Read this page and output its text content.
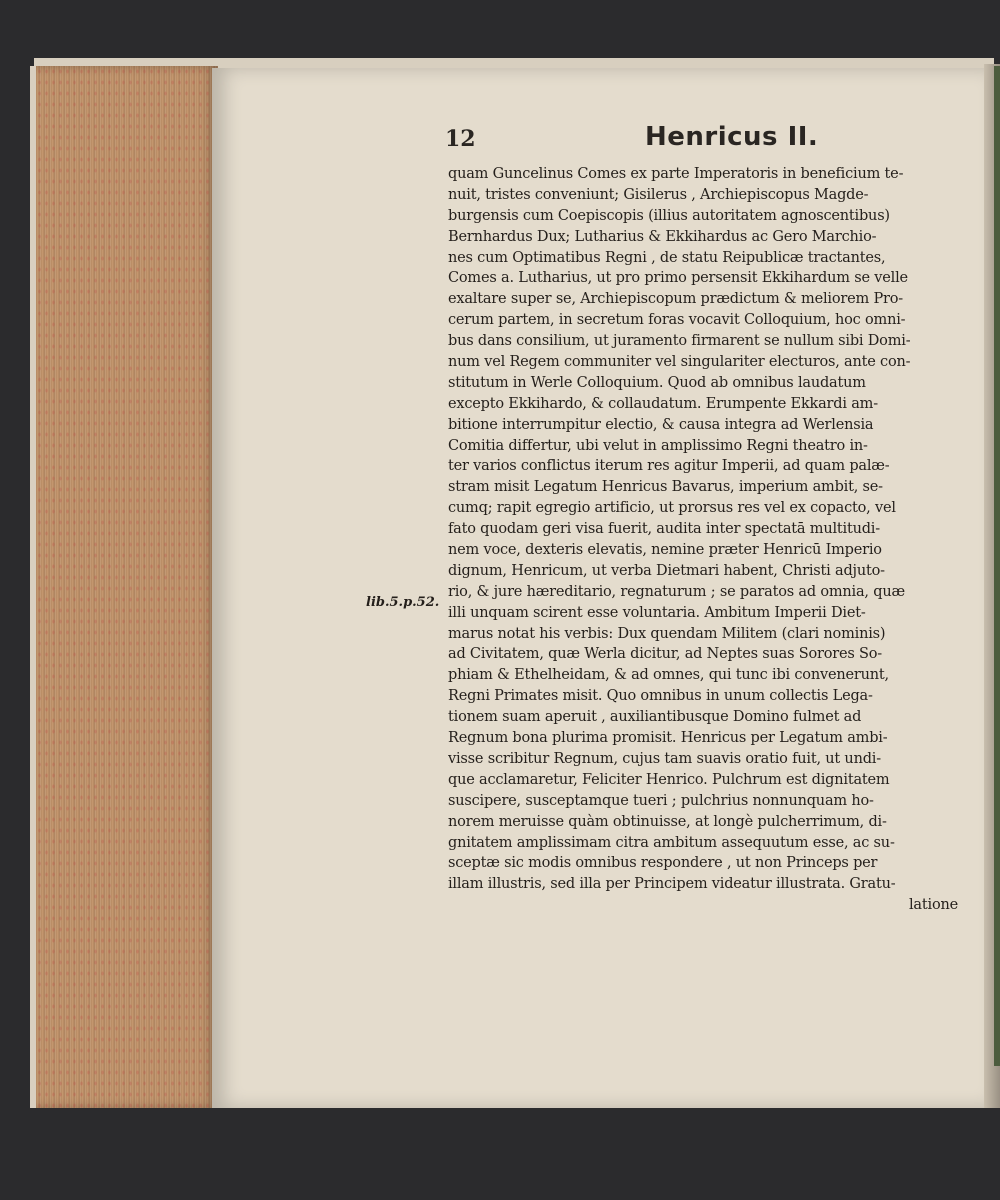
12	Henricus II.
lib.5.p.52.
quam Guncelinus Comes ex parte Imperatoris in beneficium te-
nuit, tristes conveniunt; Gisilerus , Archiepiscopus Magde-
burgensis cum Coepiscopis (illius autoritatem agnoscentibus)
Bernhardus Dux; Lutharius & Ekkihardus ac Gero Marchio-
nes cum Optimatibus Regni , de statu Reipublicæ tractantes,
Comes a. Lutharius, ut pro primo persensit Ekkihardum se velle
exaltare super se, Archiepiscopum prædictum & meliorem Pro-
cerum partem, in secretum foras vocavit Colloquium, hoc omni-
bus dans consilium, ut juramento firmarent se nullum sibi Domi-
num vel Regem communiter vel singulariter electuros, ante con-
stitutum in Werle Colloquium. Quod ab omnibus laudatum
excepto Ekkihardo, & collaudatum. Erumpente Ekkardi am-
bitione interrumpitur electio, & causa integra ad Werlensia
Comitia differtur, ubi velut in amplissimo Regni theatro in-
ter varios conflictus iterum res agitur Imperii, ad quam palæ-
stram misit Legatum Henricus Bavarus, imperium ambit, se-
cumq; rapit egregio artificio, ut prorsus res vel ex copacto, vel
fato quodam geri visa fuerit, audita inter spectatā multitudi-
nem voce, dexteris elevatis, nemine præter Henricū Imperio
dignum, Henricum, ut verba Dietmari habent, Christi adjuto-
rio, & jure hæreditario, regnaturum ; se paratos ad omnia, quæ
illi unquam scirent esse voluntaria. Ambitum Imperii Diet-
marus notat his verbis: Dux quendam Militem (clari nominis)
ad Civitatem, quæ Werla dicitur, ad Neptes suas Sorores So-
phiam & Ethelheidam, & ad omnes, qui tunc ibi convenerunt,
Regni Primates misit. Quo omnibus in unum collectis Lega-
tionem suam aperuit , auxiliantibusque Domino fulmet ad
Regnum bona plurima promisit. Henricus per Legatum ambi-
visse scribitur Regnum, cujus tam suavis oratio fuit, ut undi-
que acclamaretur, Feliciter Henrico. Pulchrum est dignitatem
suscipere, susceptamque tueri ; pulchrius nonnunquam ho-
norem meruisse quàm obtinuisse, at longè pulcherrimum, di-
gnitatem amplissimam citra ambitum assequutum esse, ac su-
sceptæ sic modis omnibus respondere , ut non Princeps per
illam illustris, sed illa per Principem videatur illustrata. Gratu-
latione
